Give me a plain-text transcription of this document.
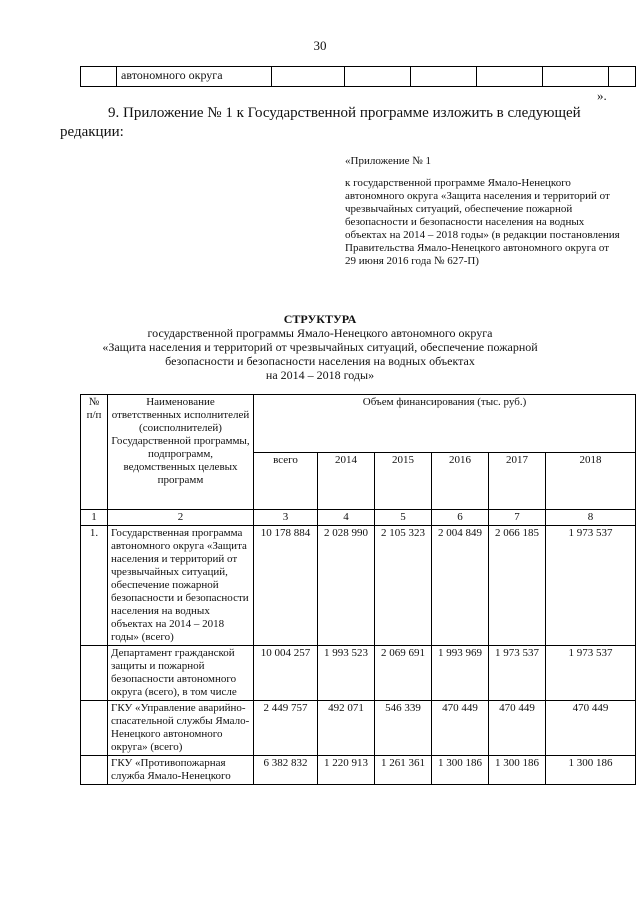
30
	автономного округа						
».
9. Приложение № 1 к Государственной программе изложить в следующей
редакции:
«Приложение № 1
к государственной программе Ямало-Ненецкого автономного округа «Защита населения и территорий от чрезвычайных ситуаций, обеспечение пожарной безопасности и безопасности населения на водных объектах на 2014 – 2018 годы» (в редакции постановления Правительства Ямало-Ненецкого автономного округа от 29 июня 2016 года № 627-П)
СТРУКТУРА
государственной программы Ямало-Ненецкого автономного округа
«Защита населения и территорий от чрезвычайных ситуаций, обеспечение пожарной
безопасности и безопасности населения на водных объектах
на 2014 – 2018 годы»
№ п/п	Наименование ответственных исполнителей (соисполнителей) Государственной программы, подпрограмм, ведомственных целевых программ	Объем финансирования (тыс. руб.)					
		всего	2014	2015	2016	2017	2018
1	2	3	4	5	6	7	8
1.	Государственная программа автономного округа «Защита населения и территорий от чрезвычайных ситуаций, обеспечение пожарной безопасности и безопасности населения на водных объектах на 2014 – 2018 годы» (всего)	10 178 884	2 028 990	2 105 323	2 004 849	2 066 185	1 973 537
	Департамент гражданской защиты и пожарной безопасности автономного округа (всего), в том числе	10 004 257	1 993 523	2 069 691	1 993 969	1 973 537	1 973 537
	ГКУ «Управление аварийно-спасательной службы Ямало-Ненецкого автономного округа» (всего)	2 449 757	492 071	546 339	470 449	470 449	470 449
	ГКУ «Противопожарная служба Ямало-Ненецкого	6 382 832	1 220 913	1 261 361	1 300 186	1 300 186	1 300 186
